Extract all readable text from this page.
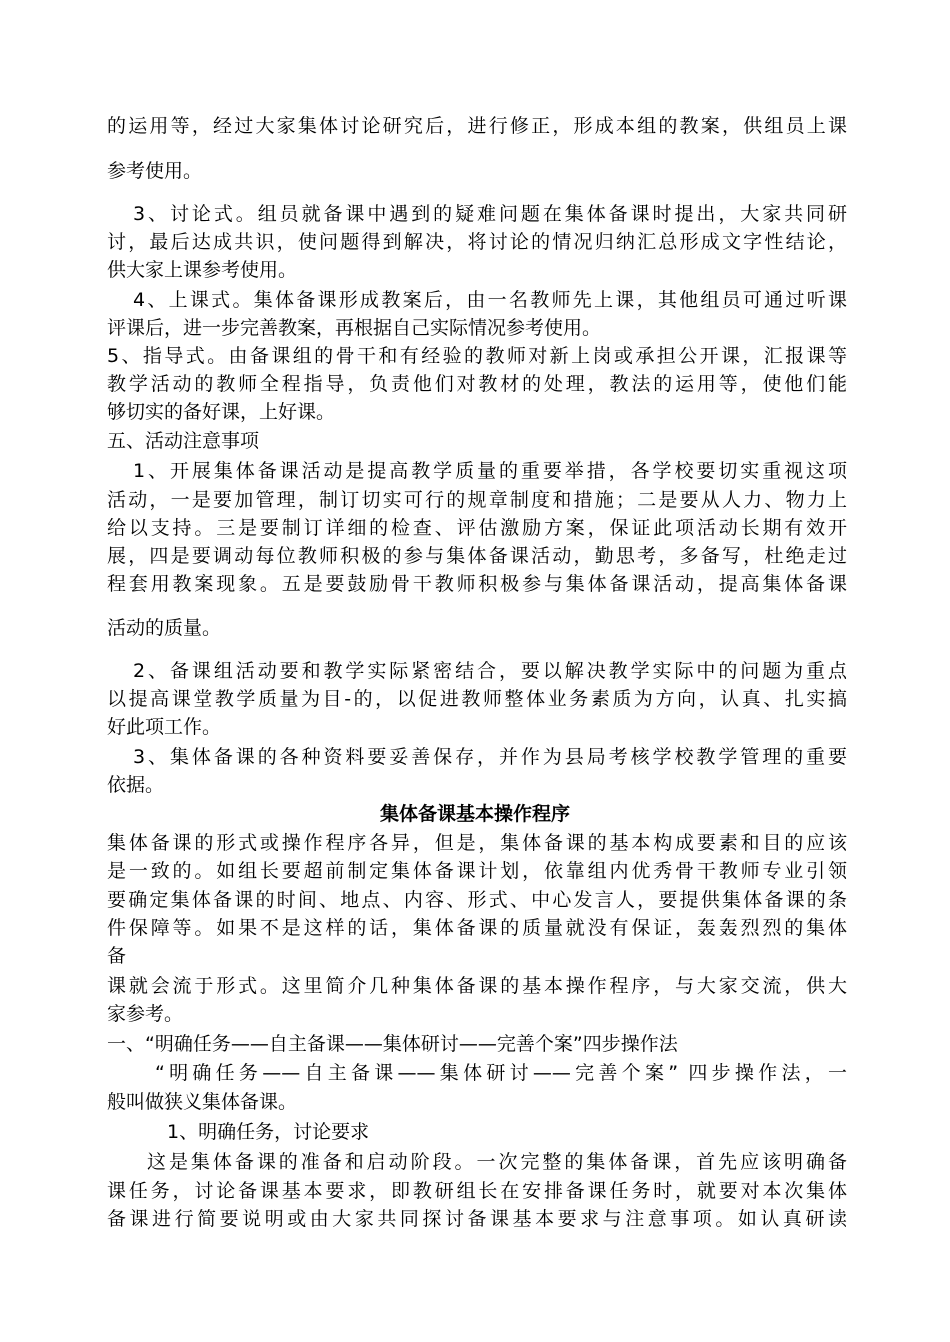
的运用等，经过大家集体讨论研究后，进行修正，形成本组的教案，供组员上课
参考使用。
3、讨论式。组员就备课中遇到的疑难问题在集体备课时提出，大家共同研
讨，最后达成共识，使问题得到解决，将讨论的情况归纳汇总形成文字性结论，
供大家上课参考使用。
4、上课式。集体备课形成教案后，由一名教师先上课，其他组员可通过听课
评课后，进一步完善教案，再根据自己实际情况参考使用。
5、指导式。由备课组的骨干和有经验的教师对新上岗或承担公开课，汇报课等
教学活动的教师全程指导，负责他们对教材的处理，教法的运用等，使他们能
够切实的备好课，上好课。
五、活动注意事项
1、开展集体备课活动是提高教学质量的重要举措，各学校要切实重视这项
活动，一是要加管理，制订切实可行的规章制度和措施；二是要从人力、物力上
给以支持。三是要制订详细的检查、评估激励方案，保证此项活动长期有效开
展，四是要调动每位教师积极的参与集体备课活动，勤思考，多备写，杜绝走过
程套用教案现象。五是要鼓励骨干教师积极参与集体备课活动，提高集体备课
活动的质量。
2、备课组活动要和教学实际紧密结合，要以解决教学实际中的问题为重点
以提高课堂教学质量为目-的，以促进教师整体业务素质为方向，认真、扎实搞
好此项工作。
3、集体备课的各种资料要妥善保存，并作为县局考核学校教学管理的重要
依据。
集体备课的形式或操作程序各异，但是，集体备课的基本构成要素和目的应该
是一致的。如组长要超前制定集体备课计划，依靠组内优秀骨干教师专业引领
要确定集体备课的时间、地点、内容、形式、中心发言人，要提供集体备课的条
件保障等。如果不是这样的话，集体备课的质量就没有保证，轰轰烈烈的集体
备
课就会流于形式。这里简介几种集体备课的基本操作程序，与大家交流，供大
家参考。
一、“明确任务——自主备课——集体研讨——完善个案”四步操作法
“明确任务——自主备课——集体研讨——完善个案” 四步操作法，一
般叫做狭义集体备课。
1、明确任务，讨论要求
这是集体备课的准备和启动阶段。一次完整的集体备课，首先应该明确备
课任务，讨论备课基本要求，即教研组长在安排备课任务时，就要对本次集体
备课进行简要说明或由大家共同探讨备课基本要求与注意事项。如认真研读
集体备课基本操作程序
